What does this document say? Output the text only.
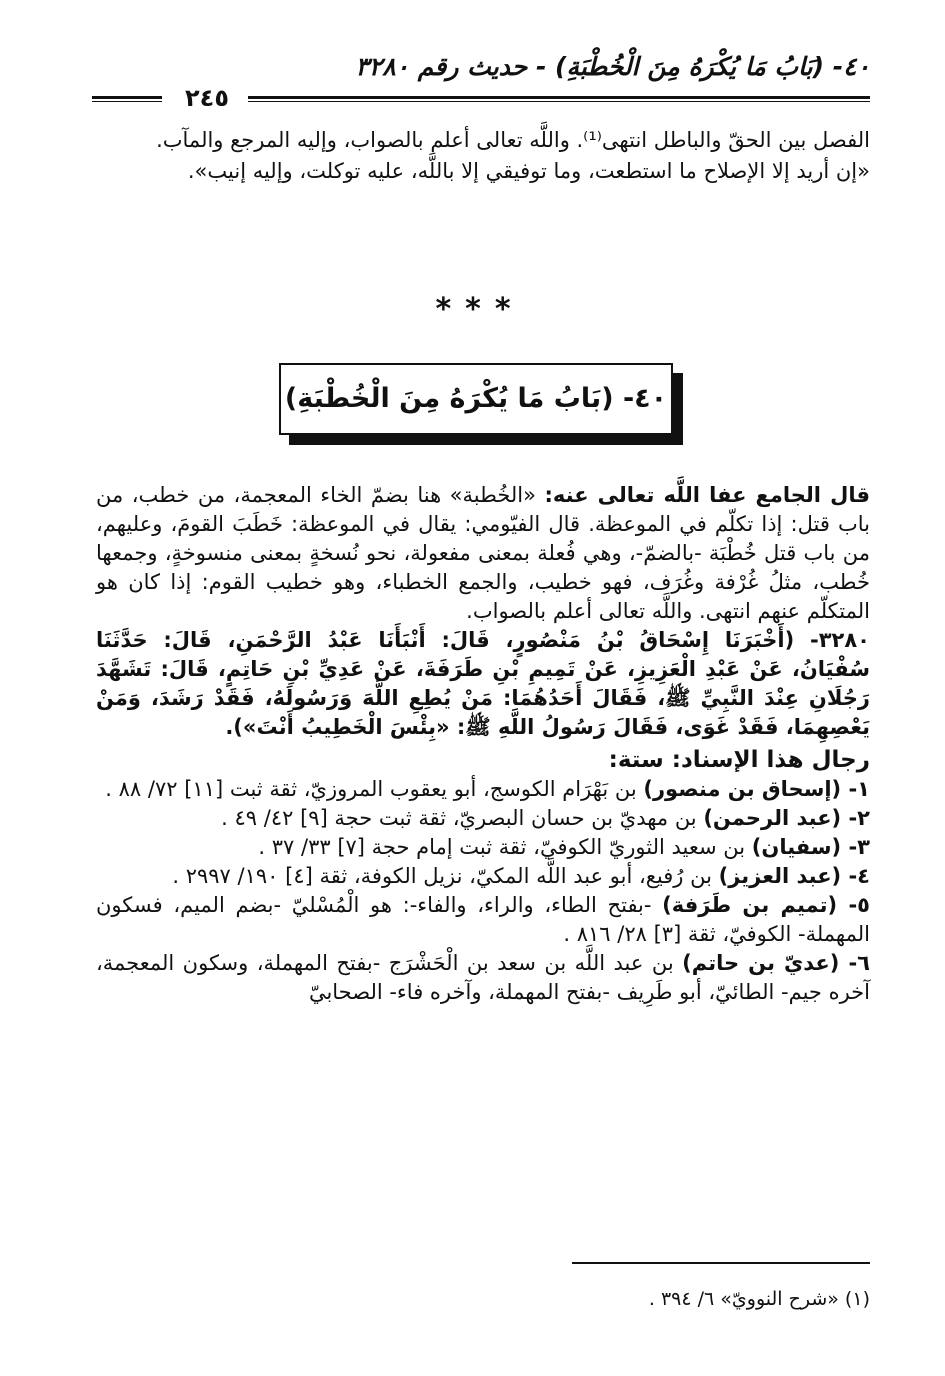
٤٠- (بَابُ مَا يُكْرَهُ مِنَ الْخُطْبَةِ) - حديث رقم ٣٢٨٠
٢٤٥

الفصل بين الحقّ والباطل انتهى⁽¹⁾. واللَّه تعالى أعلم بالصواب، وإليه المرجع والمآب.

«إن أريد إلا الإصلاح ما استطعت، وما توفيقي إلا باللَّه، عليه توكلت، وإليه إنيب».

***
٤٠- (بَابُ مَا يُكْرَهُ مِنَ الْخُطْبَةِ)

قال الجامع عفا اللَّه تعالى عنه: «الخُطبة» هنا بضمّ الخاء المعجمة، من خطب، من باب قتل: إذا تكلّم في الموعظة. قال الفيّومي: يقال في الموعظة: خَطَبَ القومَ، وعليهم، من باب قتل خُطْبَة -بالضمّ-، وهي فُعلة بمعنى مفعولة، نحو نُسخةٍ بمعنى منسوخةٍ، وجمعها خُطب، مثلُ غُرْفة وغُرَف، فهو خطيب، والجمع الخطباء، وهو خطيب القوم: إذا كان هو المتكلّم عنهم انتهى. واللَّه تعالى أعلم بالصواب.

٣٢٨٠- (أَخْبَرَنَا إِسْحَاقُ بْنُ مَنْصُورٍ، قَالَ: أَنْبَأَنَا عَبْدُ الرَّحْمَنِ، قَالَ: حَدَّثَنَا سُفْيَانُ، عَنْ عَبْدِ الْعَزِيزِ، عَنْ تَمِيمِ بْنِ طَرَفَةَ، عَنْ عَدِيِّ بْنِ حَاتِمٍ، قَالَ: تَشَهَّدَ رَجُلَانِ عِنْدَ النَّبِيِّ ﷺ، فَقَالَ أَحَدُهُمَا: مَنْ يُطِعِ اللَّهَ وَرَسُولَهُ، فَقَدْ رَشَدَ، وَمَنْ يَعْصِهِمَا، فَقَدْ غَوَى، فَقَالَ رَسُولُ اللَّهِ ﷺ: «بِئْسَ الْخَطِيبُ أَنْتَ»).

رجال هذا الإسناد: ستة:

١- (إسحاق بن منصور) بن بَهْرَام الكوسج، أبو يعقوب المروزيّ، ثقة ثبت [١١] ٧٢/ ٨٨ .

٢- (عبد الرحمن) بن مهديّ بن حسان البصريّ، ثقة ثبت حجة [٩] ٤٢/ ٤٩ .

٣- (سفيان) بن سعيد الثوريّ الكوفيّ، ثقة ثبت إمام حجة [٧] ٣٣/ ٣٧ .

٤- (عبد العزيز) بن رُفيع، أبو عبد اللَّه المكيّ، نزيل الكوفة، ثقة [٤] ١٩٠/ ٢٩٩٧ .

٥- (تميم بن طَرَفة) -بفتح الطاء، والراء، والفاء-: هو الْمُسْليّ -بضم الميم، فسكون المهملة- الكوفيّ، ثقة [٣] ٢٨/ ٨١٦ .

٦- (عديّ بن حاتم) بن عبد اللَّه بن سعد بن الْحَشْرَج -بفتح المهملة، وسكون المعجمة، آخره جيم- الطائيّ، أبو طَرِيف -بفتح المهملة، وآخره فاء- الصحابيّ

(١) «شرح النوويّ» ٦/ ٣٩٤ .
